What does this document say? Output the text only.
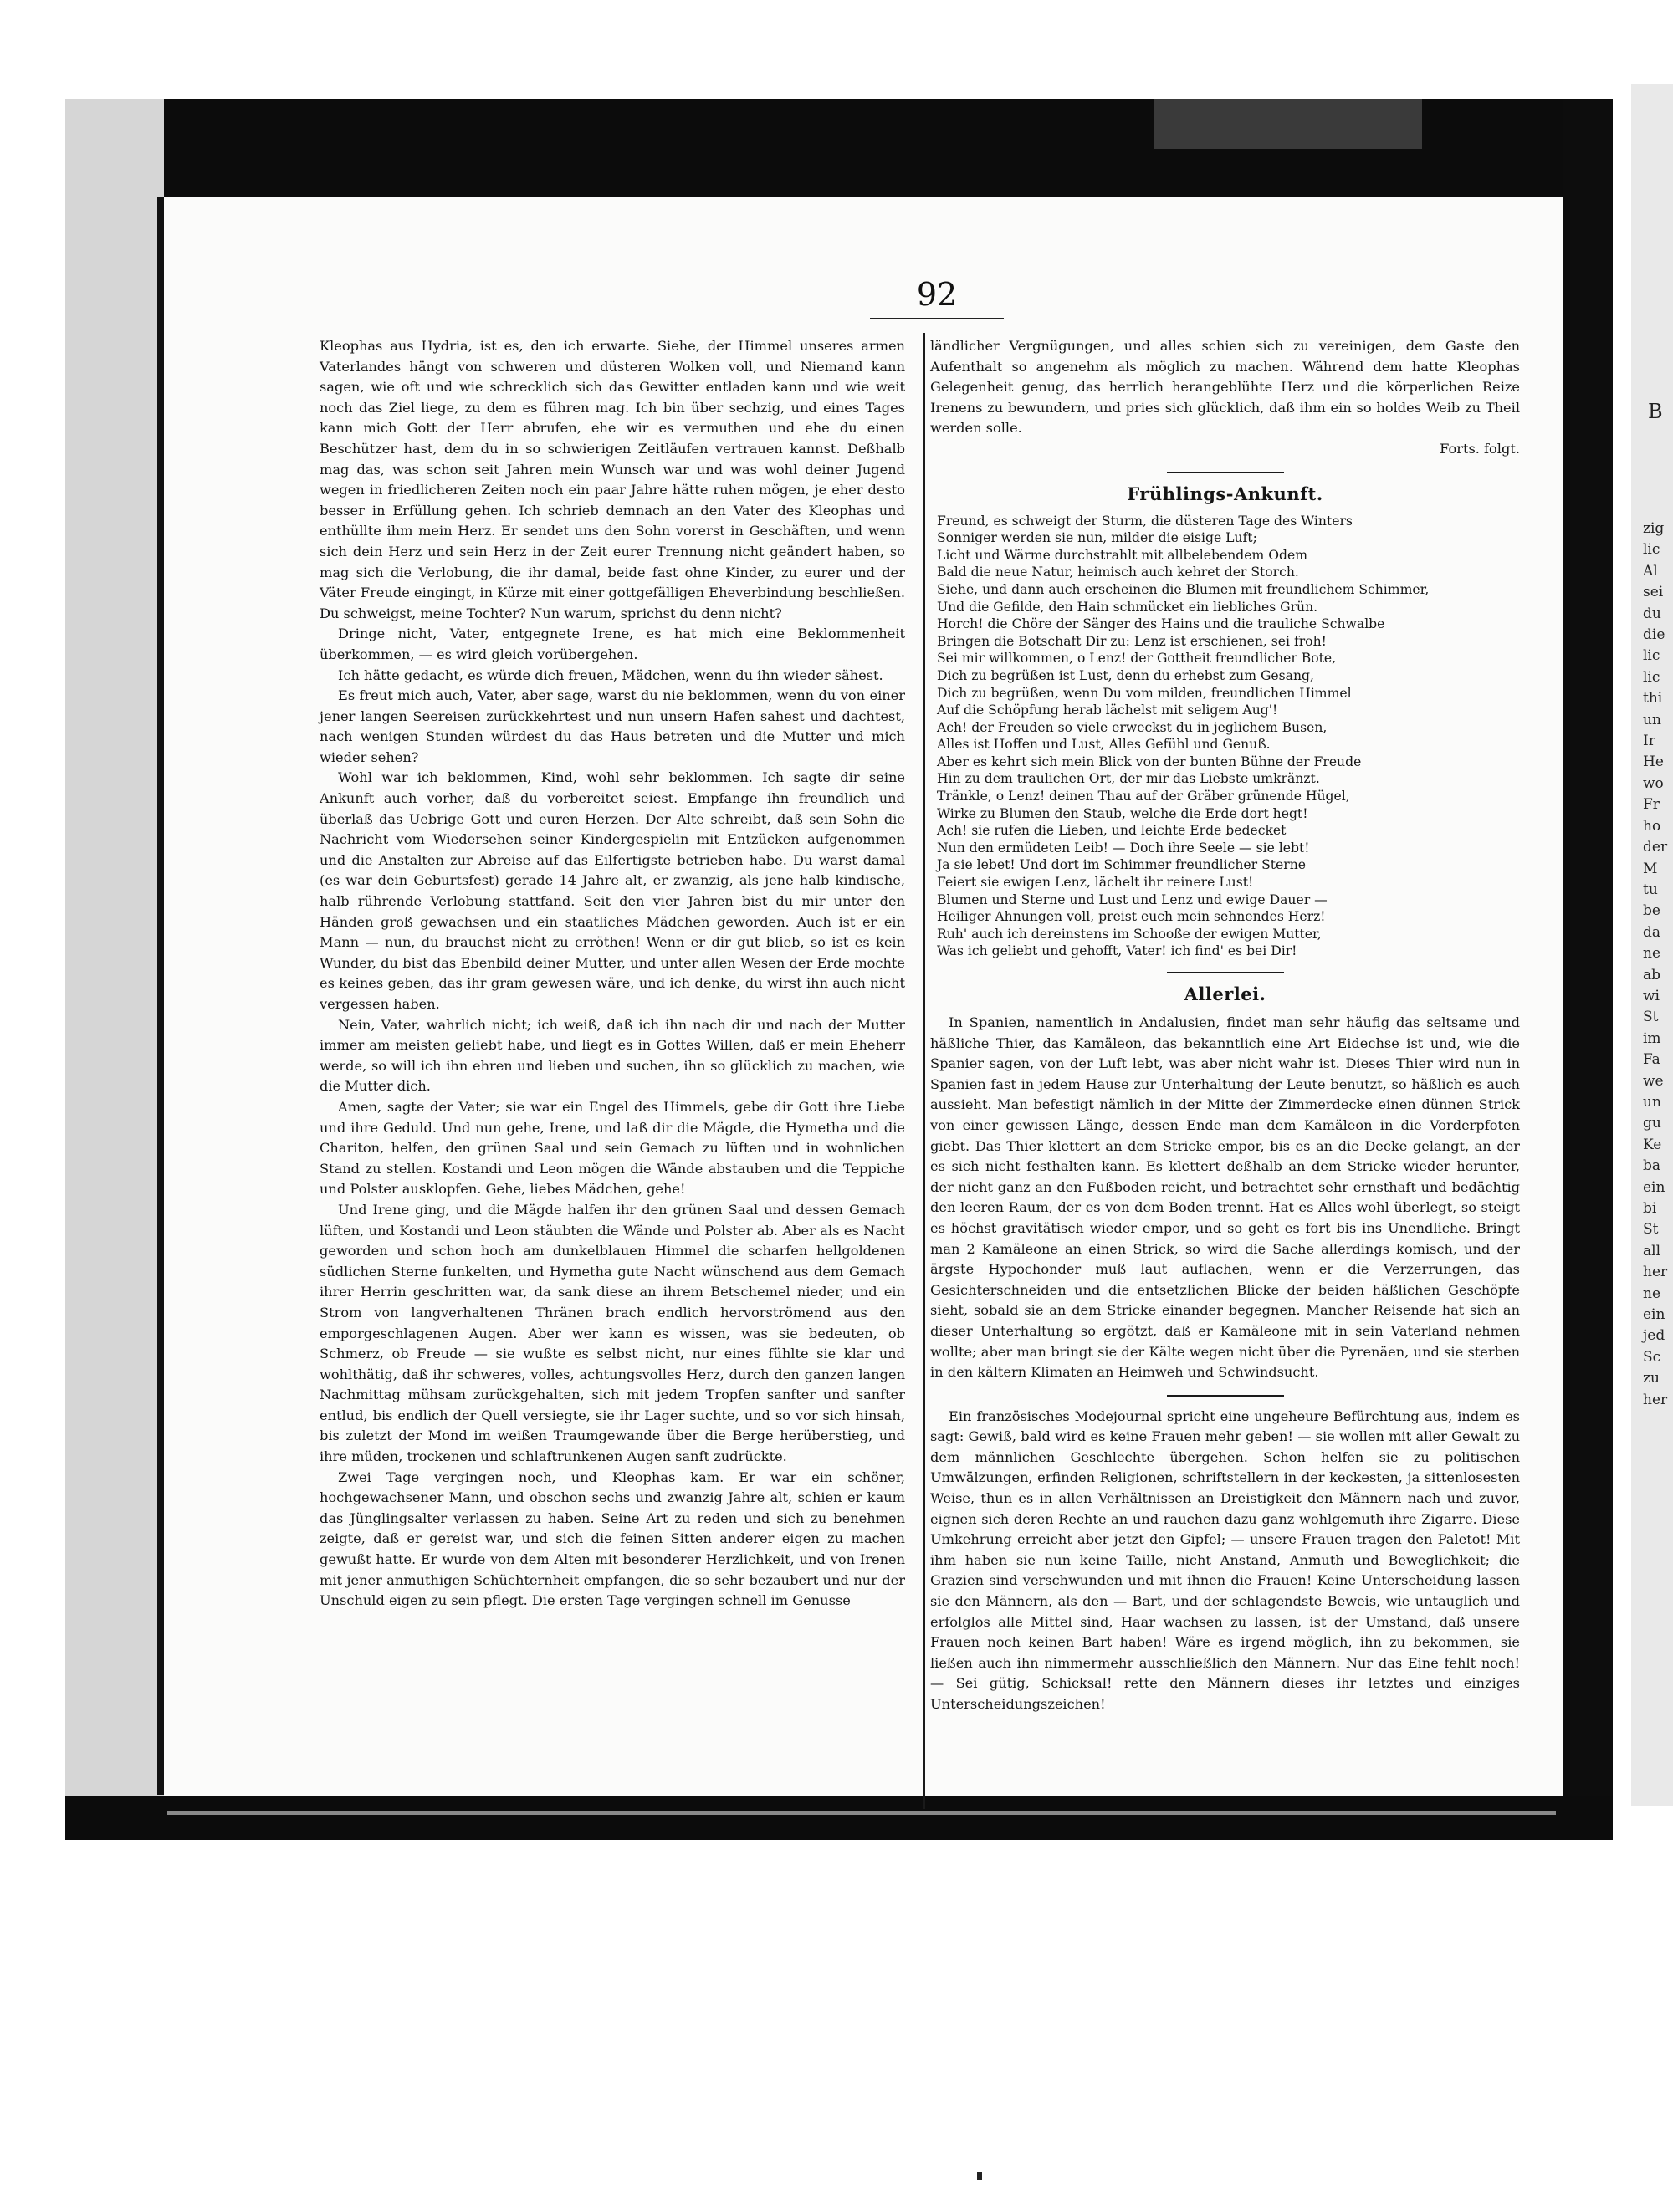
92

Kleophas aus Hydria, ist es, den ich erwarte. Siehe, der Himmel unseres armen Vaterlandes hängt von schweren und düsteren Wolken voll, und Niemand kann sagen, wie oft und wie schrecklich sich das Gewitter entladen kann und wie weit noch das Ziel liege, zu dem es führen mag. Ich bin über sechzig, und eines Tages kann mich Gott der Herr abrufen, ehe wir es vermuthen und ehe du einen Beschützer hast, dem du in so schwierigen Zeitläufen vertrauen kannst. Deßhalb mag das, was schon seit Jahren mein Wunsch war und was wohl deiner Jugend wegen in friedlicheren Zeiten noch ein paar Jahre hätte ruhen mögen, je eher desto besser in Erfüllung gehen. Ich schrieb demnach an den Vater des Kleophas und enthüllte ihm mein Herz. Er sendet uns den Sohn vorerst in Geschäften, und wenn sich dein Herz und sein Herz in der Zeit eurer Trennung nicht geändert haben, so mag sich die Verlobung, die ihr damal, beide fast ohne Kinder, zu eurer und der Väter Freude eingingt, in Kürze mit einer gottgefälligen Eheverbindung beschließen. Du schweigst, meine Tochter? Nun warum, sprichst du denn nicht?

Dringe nicht, Vater, entgegnete Irene, es hat mich eine Beklommenheit überkommen, — es wird gleich vorübergehen.

Ich hätte gedacht, es würde dich freuen, Mädchen, wenn du ihn wieder sähest.

Es freut mich auch, Vater, aber sage, warst du nie beklommen, wenn du von einer jener langen Seereisen zurückkehrtest und nun unsern Hafen sahest und dachtest, nach wenigen Stunden würdest du das Haus betreten und die Mutter und mich wieder sehen?

Wohl war ich beklommen, Kind, wohl sehr beklommen. Ich sagte dir seine Ankunft auch vorher, daß du vorbereitet seiest. Empfange ihn freundlich und überlaß das Uebrige Gott und euren Herzen. Der Alte schreibt, daß sein Sohn die Nachricht vom Wiedersehen seiner Kindergespielin mit Entzücken aufgenommen und die Anstalten zur Abreise auf das Eilfertigste betrieben habe. Du warst damal (es war dein Geburtsfest) gerade 14 Jahre alt, er zwanzig, als jene halb kindische, halb rührende Verlobung stattfand. Seit den vier Jahren bist du mir unter den Händen groß gewachsen und ein staatliches Mädchen geworden. Auch ist er ein Mann — nun, du brauchst nicht zu erröthen! Wenn er dir gut blieb, so ist es kein Wunder, du bist das Ebenbild deiner Mutter, und unter allen Wesen der Erde mochte es keines geben, das ihr gram gewesen wäre, und ich denke, du wirst ihn auch nicht vergessen haben.

Nein, Vater, wahrlich nicht; ich weiß, daß ich ihn nach dir und nach der Mutter immer am meisten geliebt habe, und liegt es in Gottes Willen, daß er mein Eheherr werde, so will ich ihn ehren und lieben und suchen, ihn so glücklich zu machen, wie die Mutter dich.

Amen, sagte der Vater; sie war ein Engel des Himmels, gebe dir Gott ihre Liebe und ihre Geduld. Und nun gehe, Irene, und laß dir die Mägde, die Hymetha und die Chariton, helfen, den grünen Saal und sein Gemach zu lüften und in wohnlichen Stand zu stellen. Kostandi und Leon mögen die Wände abstauben und die Teppiche und Polster ausklopfen. Gehe, liebes Mädchen, gehe!

Und Irene ging, und die Mägde halfen ihr den grünen Saal und dessen Gemach lüften, und Kostandi und Leon stäubten die Wände und Polster ab. Aber als es Nacht geworden und schon hoch am dunkelblauen Himmel die scharfen hellgoldenen südlichen Sterne funkelten, und Hymetha gute Nacht wünschend aus dem Gemach ihrer Herrin geschritten war, da sank diese an ihrem Betschemel nieder, und ein Strom von langverhaltenen Thränen brach endlich hervorströmend aus den emporgeschlagenen Augen. Aber wer kann es wissen, was sie bedeuten, ob Schmerz, ob Freude — sie wußte es selbst nicht, nur eines fühlte sie klar und wohlthätig, daß ihr schweres, volles, achtungsvolles Herz, durch den ganzen langen Nachmittag mühsam zurückgehalten, sich mit jedem Tropfen sanfter und sanfter entlud, bis endlich der Quell versiegte, sie ihr Lager suchte, und so vor sich hinsah, bis zuletzt der Mond im weißen Traumgewande über die Berge herüberstieg, und ihre müden, trockenen und schlaftrunkenen Augen sanft zudrückte.

Zwei Tage vergingen noch, und Kleophas kam. Er war ein schöner, hochgewachsener Mann, und obschon sechs und zwanzig Jahre alt, schien er kaum das Jünglingsalter verlassen zu haben. Seine Art zu reden und sich zu benehmen zeigte, daß er gereist war, und sich die feinen Sitten anderer eigen zu machen gewußt hatte. Er wurde von dem Alten mit besonderer Herzlichkeit, und von Irenen mit jener anmuthigen Schüchternheit empfangen, die so sehr bezaubert und nur der Unschuld eigen zu sein pflegt. Die ersten Tage vergingen schnell im Genusse

ländlicher Vergnügungen, und alles schien sich zu vereinigen, dem Gaste den Aufenthalt so angenehm als möglich zu machen. Während dem hatte Kleophas Gelegenheit genug, das herrlich herangeblühte Herz und die körperlichen Reize Irenens zu bewundern, und pries sich glücklich, daß ihm ein so holdes Weib zu Theil werden solle.

Forts. folgt.
Frühlings-Ankunft.
Freund, es schweigt der Sturm, die düsteren Tage des Winters
Sonniger werden sie nun, milder die eisige Luft;
Licht und Wärme durchstrahlt mit allbelebendem Odem
Bald die neue Natur, heimisch auch kehret der Storch.
Siehe, und dann auch erscheinen die Blumen mit freundlichem Schimmer,
Und die Gefilde, den Hain schmücket ein liebliches Grün.
Horch! die Chöre der Sänger des Hains und die trauliche Schwalbe
Bringen die Botschaft Dir zu: Lenz ist erschienen, sei froh!
Sei mir willkommen, o Lenz! der Gottheit freundlicher Bote,
Dich zu begrüßen ist Lust, denn du erhebst zum Gesang,
Dich zu begrüßen, wenn Du vom milden, freundlichen Himmel
Auf die Schöpfung herab lächelst mit seligem Aug'!
Ach! der Freuden so viele erweckst du in jeglichem Busen,
Alles ist Hoffen und Lust, Alles Gefühl und Genuß.
Aber es kehrt sich mein Blick von der bunten Bühne der Freude
Hin zu dem traulichen Ort, der mir das Liebste umkränzt.
Tränkle, o Lenz! deinen Thau auf der Gräber grünende Hügel,
Wirke zu Blumen den Staub, welche die Erde dort hegt!
Ach! sie rufen die Lieben, und leichte Erde bedecket
Nun den ermüdeten Leib! — Doch ihre Seele — sie lebt!
Ja sie lebet! Und dort im Schimmer freundlicher Sterne
Feiert sie ewigen Lenz, lächelt ihr reinere Lust!
Blumen und Sterne und Lust und Lenz und ewige Dauer —
Heiliger Ahnungen voll, preist euch mein sehnendes Herz!
Ruh' auch ich dereinstens im Schooße der ewigen Mutter,
Was ich geliebt und gehofft, Vater! ich find' es bei Dir!
Allerlei.

In Spanien, namentlich in Andalusien, findet man sehr häufig das seltsame und häßliche Thier, das Kamäleon, das bekanntlich eine Art Eidechse ist und, wie die Spanier sagen, von der Luft lebt, was aber nicht wahr ist. Dieses Thier wird nun in Spanien fast in jedem Hause zur Unterhaltung der Leute benutzt, so häßlich es auch aussieht. Man befestigt nämlich in der Mitte der Zimmerdecke einen dünnen Strick von einer gewissen Länge, dessen Ende man dem Kamäleon in die Vorderpfoten giebt. Das Thier klettert an dem Stricke empor, bis es an die Decke gelangt, an der es sich nicht festhalten kann. Es klettert deßhalb an dem Stricke wieder herunter, der nicht ganz an den Fußboden reicht, und betrachtet sehr ernsthaft und bedächtig den leeren Raum, der es von dem Boden trennt. Hat es Alles wohl überlegt, so steigt es höchst gravitätisch wieder empor, und so geht es fort bis ins Unendliche. Bringt man 2 Kamäleone an einen Strick, so wird die Sache allerdings komisch, und der ärgste Hypochonder muß laut auflachen, wenn er die Verzerrungen, das Gesichterschneiden und die entsetzlichen Blicke der beiden häßlichen Geschöpfe sieht, sobald sie an dem Stricke einander begegnen. Mancher Reisende hat sich an dieser Unterhaltung so ergötzt, daß er Kamäleone mit in sein Vaterland nehmen wollte; aber man bringt sie der Kälte wegen nicht über die Pyrenäen, und sie sterben in den kältern Klimaten an Heimweh und Schwindsucht.

Ein französisches Modejournal spricht eine ungeheure Befürchtung aus, indem es sagt: Gewiß, bald wird es keine Frauen mehr geben! — sie wollen mit aller Gewalt zu dem männlichen Geschlechte übergehen. Schon helfen sie zu politischen Umwälzungen, erfinden Religionen, schriftstellern in der keckesten, ja sittenlosesten Weise, thun es in allen Verhältnissen an Dreistigkeit den Männern nach und zuvor, eignen sich deren Rechte an und rauchen dazu ganz wohlgemuth ihre Zigarre. Diese Umkehrung erreicht aber jetzt den Gipfel; — unsere Frauen tragen den Paletot! Mit ihm haben sie nun keine Taille, nicht Anstand, Anmuth und Beweglichkeit; die Grazien sind verschwunden und mit ihnen die Frauen! Keine Unterscheidung lassen sie den Männern, als den — Bart, und der schlagendste Beweis, wie untauglich und erfolglos alle Mittel sind, Haar wachsen zu lassen, ist der Umstand, daß unsere Frauen noch keinen Bart haben! Wäre es irgend möglich, ihn zu bekommen, sie ließen auch ihn nimmermehr ausschließlich den Männern. Nur das Eine fehlt noch! — Sei gütig, Schicksal! rette den Männern dieses ihr letztes und einziges Unterscheidungszeichen!

B
zig
lic
Al
sei
du
die
lic
lic
thi
un
Ir
He
wo
Fr
ho
der
M
tu
be
da
ne
ab
wi
St
im
Fa
we
un
gu
Ke
ba
ein
bi
St
all
her
ne
ein
jed
Sc
zu
her
